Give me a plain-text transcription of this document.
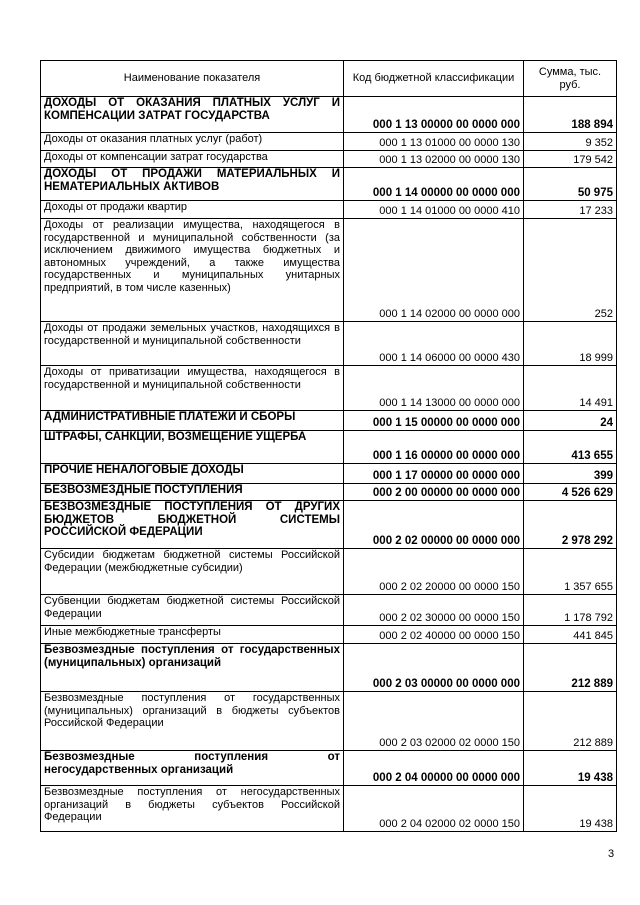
Наименование показателя	Код бюджетной классификации	Сумма, тыс. руб.
ДОХОДЫ ОТ ОКАЗАНИЯ ПЛАТНЫХ УСЛУГ И КОМПЕНСАЦИИ ЗАТРАТ ГОСУДАРСТВА	000 1 13 00000 00 0000 000	188 894
Доходы от оказания платных услуг (работ)	000 1 13 01000 00 0000 130	9 352
Доходы от компенсации затрат государства	000 1 13 02000 00 0000 130	179 542
ДОХОДЫ ОТ ПРОДАЖИ МАТЕРИАЛЬНЫХ И НЕМАТЕРИАЛЬНЫХ АКТИВОВ	000 1 14 00000 00 0000 000	50 975
Доходы от продажи квартир	000 1 14 01000 00 0000 410	17 233
Доходы от реализации имущества, находящегося в государственной и муниципальной собственности (за исключением движимого имущества бюджетных и автономных учреждений, а также имущества государственных и муниципальных унитарных предприятий, в том числе казенных)	000 1 14 02000 00 0000 000	252
Доходы от продажи земельных участков, находящихся в государственной и муниципальной собственности	000 1 14 06000 00 0000 430	18 999
Доходы от приватизации имущества, находящегося в государственной и муниципальной собственности	000 1 14 13000 00 0000 000	14 491
АДМИНИСТРАТИВНЫЕ ПЛАТЕЖИ И СБОРЫ	000 1 15 00000 00 0000 000	24
ШТРАФЫ, САНКЦИИ, ВОЗМЕЩЕНИЕ УЩЕРБА	000 1 16 00000 00 0000 000	413 655
ПРОЧИЕ НЕНАЛОГОВЫЕ ДОХОДЫ	000 1 17 00000 00 0000 000	399
БЕЗВОЗМЕЗДНЫЕ ПОСТУПЛЕНИЯ	000 2 00 00000 00 0000 000	4 526 629
БЕЗВОЗМЕЗДНЫЕ ПОСТУПЛЕНИЯ ОТ ДРУГИХ БЮДЖЕТОВ БЮДЖЕТНОЙ СИСТЕМЫ РОССИЙСКОЙ ФЕДЕРАЦИИ	000 2 02 00000 00 0000 000	2 978 292
Субсидии бюджетам бюджетной системы Российской Федерации (межбюджетные субсидии)	000 2 02 20000 00 0000 150	1 357 655
Субвенции бюджетам бюджетной системы Российской Федерации	000 2 02 30000 00 0000 150	1 178 792
Иные межбюджетные трансферты	000 2 02 40000 00 0000 150	441 845
Безвозмездные поступления от государственных (муниципальных) организаций	000 2 03 00000 00 0000 000	212 889
Безвозмездные поступления от государственных (муниципальных) организаций в бюджеты субъектов Российской Федерации	000 2 03 02000 02 0000 150	212 889
Безвозмездные поступления от негосударственных организаций	000 2 04 00000 00 0000 000	19 438
Безвозмездные поступления от негосударственных организаций в бюджеты субъектов Российской Федерации	000 2 04 02000 02 0000 150	19 438
3
